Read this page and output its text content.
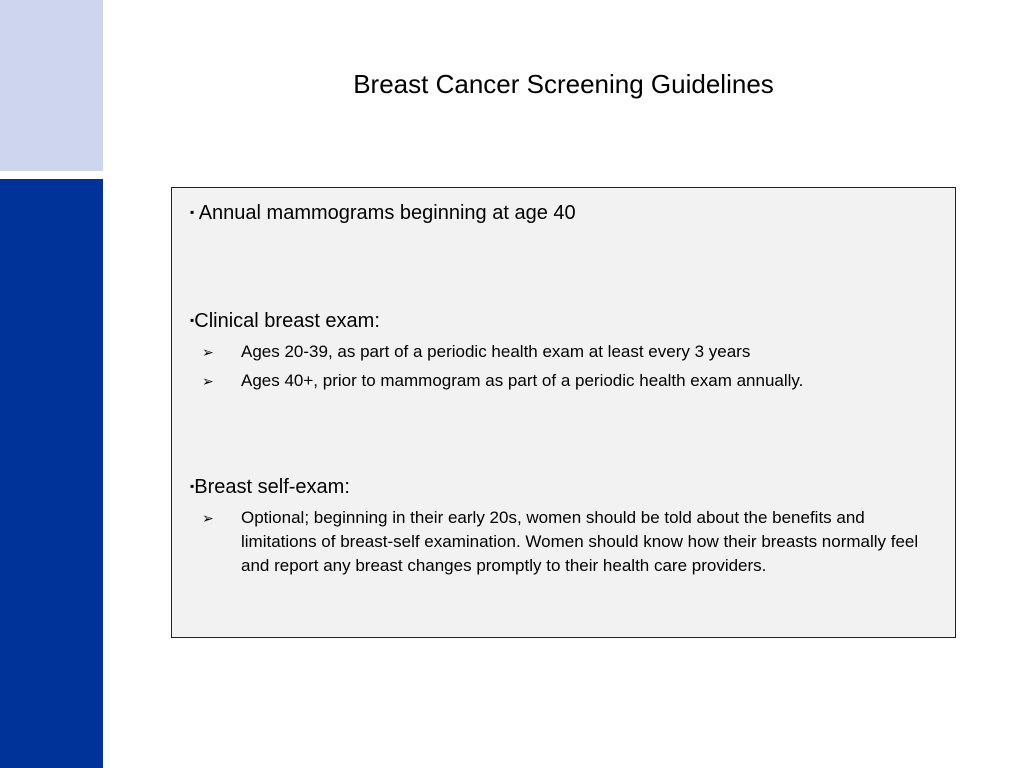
Breast Cancer Screening Guidelines
▪ Annual mammograms beginning at age 40
▪Clinical breast exam:
➢ Ages 20-39, as part of a periodic health exam at least every 3 years
➢ Ages 40+, prior to mammogram as part of a periodic health exam annually.
▪Breast self-exam:
➢ Optional; beginning in their early 20s, women should be told about the benefits and limitations of breast-self examination. Women should know how their breasts normally feel and report any breast changes promptly to their health care providers.
